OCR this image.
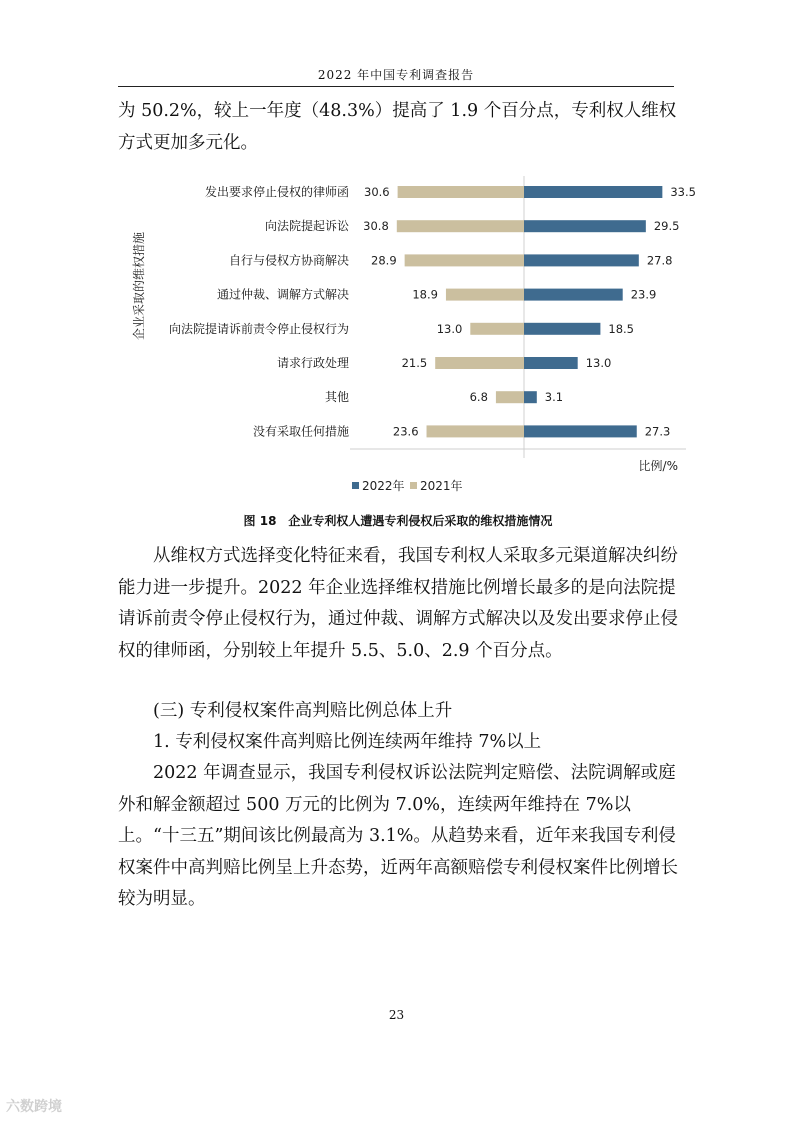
2022 年中国专利调查报告

为 50.2%，较上一年度（48.3%）提高了 1.9 个百分点，专利权人维权方式更加多元化。

发出要求停止侵权的律师函
向法院提起诉讼
自行与侵权方协商解决
通过仲裁、调解方式解决
向法院提请诉前责令停止侵权行为
请求行政处理
其他
没有采取任何措施
33.5
30.6
29.5
30.8
27.8
28.9
23.9
18.9
18.5
13.0
13.0
21.5
3.1
6.8
27.3
23.6
企业采取的维权措施
比例/%
2022年 2021年
图 18　企业专利权人遭遇专利侵权后采取的维权措施情况

从维权方式选择变化特征来看，我国专利权人采取多元渠道解决纠纷能力进一步提升。2022 年企业选择维权措施比例增长最多的是向法院提请诉前责令停止侵权行为，通过仲裁、调解方式解决以及发出要求停止侵权的律师函，分别较上年提升 5.5、5.0、2.9 个百分点。

(三) 专利侵权案件高判赔比例总体上升

1. 专利侵权案件高判赔比例连续两年维持 7%以上

2022 年调查显示，我国专利侵权诉讼法院判定赔偿、法院调解或庭外和解金额超过 500 万元的比例为 7.0%，连续两年维持在 7%以上。“十三五”期间该比例最高为 3.1%。从趋势来看，近年来我国专利侵权案件中高判赔比例呈上升态势，近两年高额赔偿专利侵权案件比例增长较为明显。

23
六数跨境
